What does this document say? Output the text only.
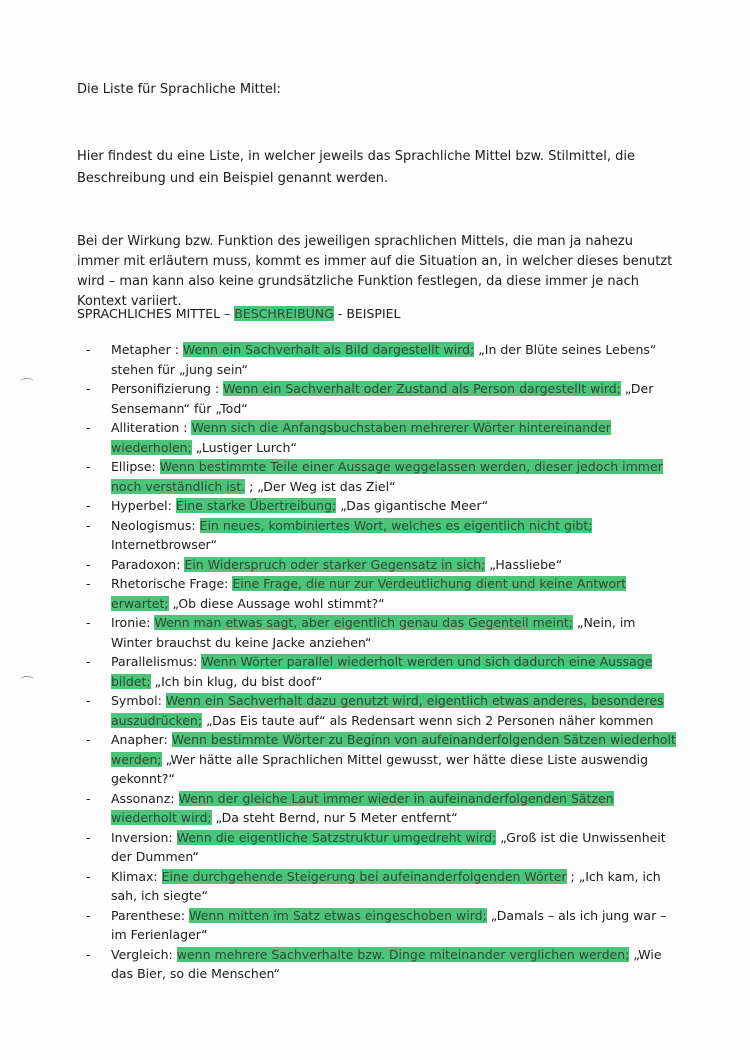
Die Liste für Sprachliche Mittel:
Hier findest du eine Liste, in welcher jeweils das Sprachliche Mittel bzw. Stilmittel, die Beschreibung und ein Beispiel genannt werden.
Bei der Wirkung bzw. Funktion des jeweiligen sprachlichen Mittels, die man ja nahezu immer mit erläutern muss, kommt es immer auf die Situation an, in welcher dieses benutzt wird – man kann also keine grundsätzliche Funktion festlegen, da diese immer je nach Kontext variiert.
SPRACHLICHES MITTEL – BESCHREIBUNG - BEISPIEL
- Metapher : Wenn ein Sachverhalt als Bild dargestellt wird; „In der Blüte seines Lebens“ stehen für „jung sein“
- Personifizierung : Wenn ein Sachverhalt oder Zustand als Person dargestellt wird; „Der Sensemann“ für „Tod“
- Alliteration : Wenn sich die Anfangsbuchstaben mehrerer Wörter hintereinander wiederholen; „Lustiger Lurch“
- Ellipse: Wenn bestimmte Teile einer Aussage weggelassen werden, dieser jedoch immer noch verständlich ist. ; „Der Weg ist das Ziel“
- Hyperbel: Eine starke Übertreibung; „Das gigantische Meer“
- Neologismus: Ein neues, kombiniertes Wort, welches es eigentlich nicht gibt; Internetbrowser“
- Paradoxon: Ein Widerspruch oder starker Gegensatz in sich; „Hassliebe“
- Rhetorische Frage: Eine Frage, die nur zur Verdeutlichung dient und keine Antwort erwartet; „Ob diese Aussage wohl stimmt?“
- Ironie: Wenn man etwas sagt, aber eigentlich genau das Gegenteil meint; „Nein, im Winter brauchst du keine Jacke anziehen“
- Parallelismus: Wenn Wörter parallel wiederholt werden und sich dadurch eine Aussage bildet; „Ich bin klug, du bist doof“
- Symbol: Wenn ein Sachverhalt dazu genutzt wird, eigentlich etwas anderes, besonderes auszudrücken; „Das Eis taute auf“ als Redensart wenn sich 2 Personen näher kommen
- Anapher: Wenn bestimmte Wörter zu Beginn von aufeinanderfolgenden Sätzen wiederholt werden; „Wer hätte alle Sprachlichen Mittel gewusst, wer hätte diese Liste auswendig gekonnt?“
- Assonanz: Wenn der gleiche Laut immer wieder in aufeinanderfolgenden Sätzen wiederholt wird; „Da steht Bernd, nur 5 Meter entfernt“
- Inversion: Wenn die eigentliche Satzstruktur umgedreht wird; „Groß ist die Unwissenheit der Dummen“
- Klimax: Eine durchgehende Steigerung bei aufeinanderfolgenden Wörter ; „Ich kam, ich sah, ich siegte“
- Parenthese: Wenn mitten im Satz etwas eingeschoben wird; „Damals – als ich jung war – im Ferienlager“
- Vergleich: wenn mehrere Sachverhalte bzw. Dinge miteinander verglichen werden; „Wie das Bier, so die Menschen“
